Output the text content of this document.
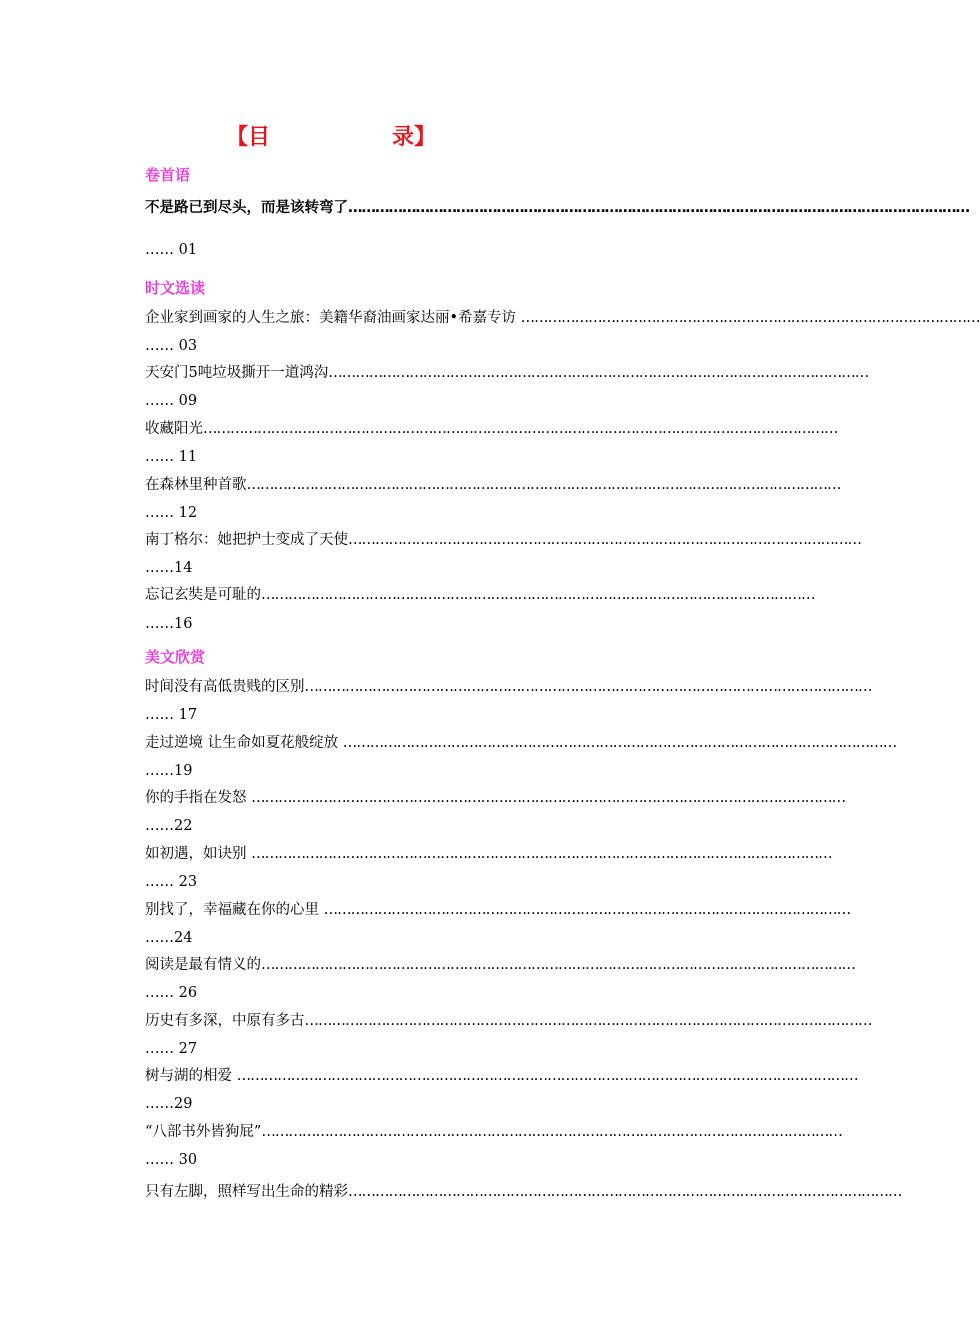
【目	录】
卷首语
不是路已到尽头，而是该转弯了…………………………………………………………………………………………………………………………
…… 01
时文选读
企业家到画家的人生之旅：美籍华裔油画家达丽•希嘉专访 …………………………………………………………………………………………
…… 03
天安门5吨垃圾撕开一道鸿沟…………………………………………………………………………………………………………
…… 09
收藏阳光……………………………………………………………………………………………………………………………
…… 11
在森林里种首歌……………………………………………………………………………………………………………………
…… 12
南丁格尔：她把护士变成了天使……………………………………………………………………………………………………
……14
忘记玄奘是可耻的……………………………………………………………………………………………………………
……16
美文欣赏
时间没有高低贵贱的区别………………………………………………………………………………………………………………
…… 17
走过逆境 让生命如夏花般绽放 ……………………………………………………………………………………………………………
……19
你的手指在发怒 ……………………………………………………………………………………………………………………
……22
如初遇，如诀别 …………………………………………………………………………………………………………………
…… 23
别找了，幸福藏在你的心里 ………………………………………………………………………………………………………
……24
阅读是最有情义的……………………………………………………………………………………………………………………
…… 26
历史有多深，中原有多古………………………………………………………………………………………………………………
…… 27
树与湖的相爱 …………………………………………………………………………………………………………………………
……29
“八部书外皆狗屁”…………………………………………………………………………………………………………………
…… 30
只有左脚，照样写出生命的精彩……………………………………………………………………………………………………………
